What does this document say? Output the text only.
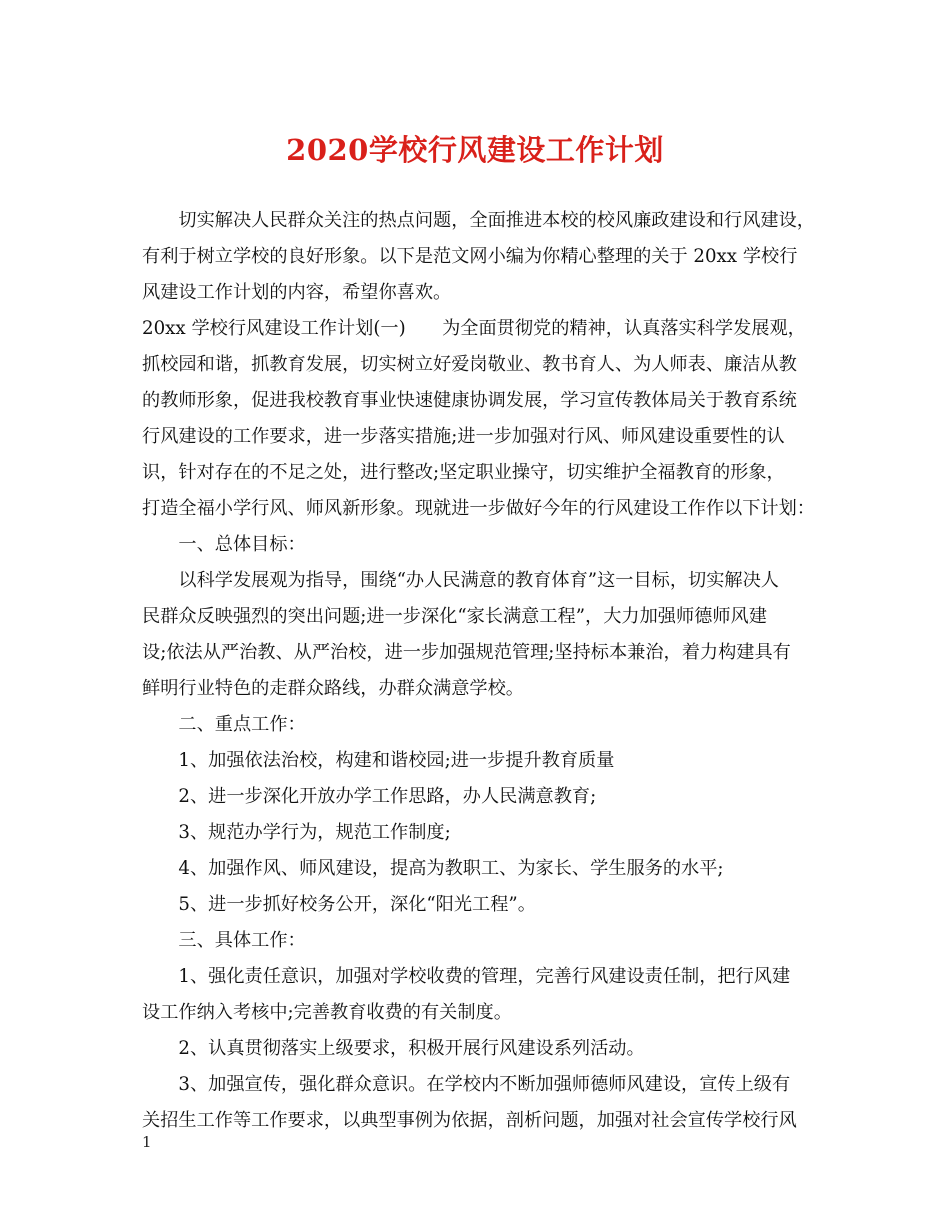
2020学校行风建设工作计划
　　切实解决人民群众关注的热点问题，全面推进本校的校风廉政建设和行风建设，
有利于树立学校的良好形象。以下是范文网小编为你精心整理的关于 20xx 学校行
风建设工作计划的内容，希望你喜欢。
20xx 学校行风建设工作计划(一)　　为全面贯彻党的精神，认真落实科学发展观，
抓校园和谐，抓教育发展，切实树立好爱岗敬业、教书育人、为人师表、廉洁从教
的教师形象，促进我校教育事业快速健康协调发展，学习宣传教体局关于教育系统
行风建设的工作要求，进一步落实措施;进一步加强对行风、师风建设重要性的认
识，针对存在的不足之处，进行整改;坚定职业操守，切实维护全福教育的形象，
打造全福小学行风、师风新形象。现就进一步做好今年的行风建设工作作以下计划：
　　一、总体目标：
　　以科学发展观为指导，围绕“办人民满意的教育体育”这一目标，切实解决人
民群众反映强烈的突出问题;进一步深化“家长满意工程”，大力加强师德师风建
设;依法从严治教、从严治校，进一步加强规范管理;坚持标本兼治，着力构建具有
鲜明行业特色的走群众路线，办群众满意学校。
　　二、重点工作：
　　1、加强依法治校，构建和谐校园;进一步提升教育质量
　　2、进一步深化开放办学工作思路，办人民满意教育;
　　3、规范办学行为，规范工作制度;
　　4、加强作风、师风建设，提高为教职工、为家长、学生服务的水平;
　　5、进一步抓好校务公开，深化“阳光工程”。
　　三、具体工作：
　　1、强化责任意识，加强对学校收费的管理，完善行风建设责任制，把行风建
设工作纳入考核中;完善教育收费的有关制度。
　　2、认真贯彻落实上级要求，积极开展行风建设系列活动。
　　3、加强宣传，强化群众意识。在学校内不断加强师德师风建设，宣传上级有
关招生工作等工作要求，以典型事例为依据，剖析问题，加强对社会宣传学校行风
1
